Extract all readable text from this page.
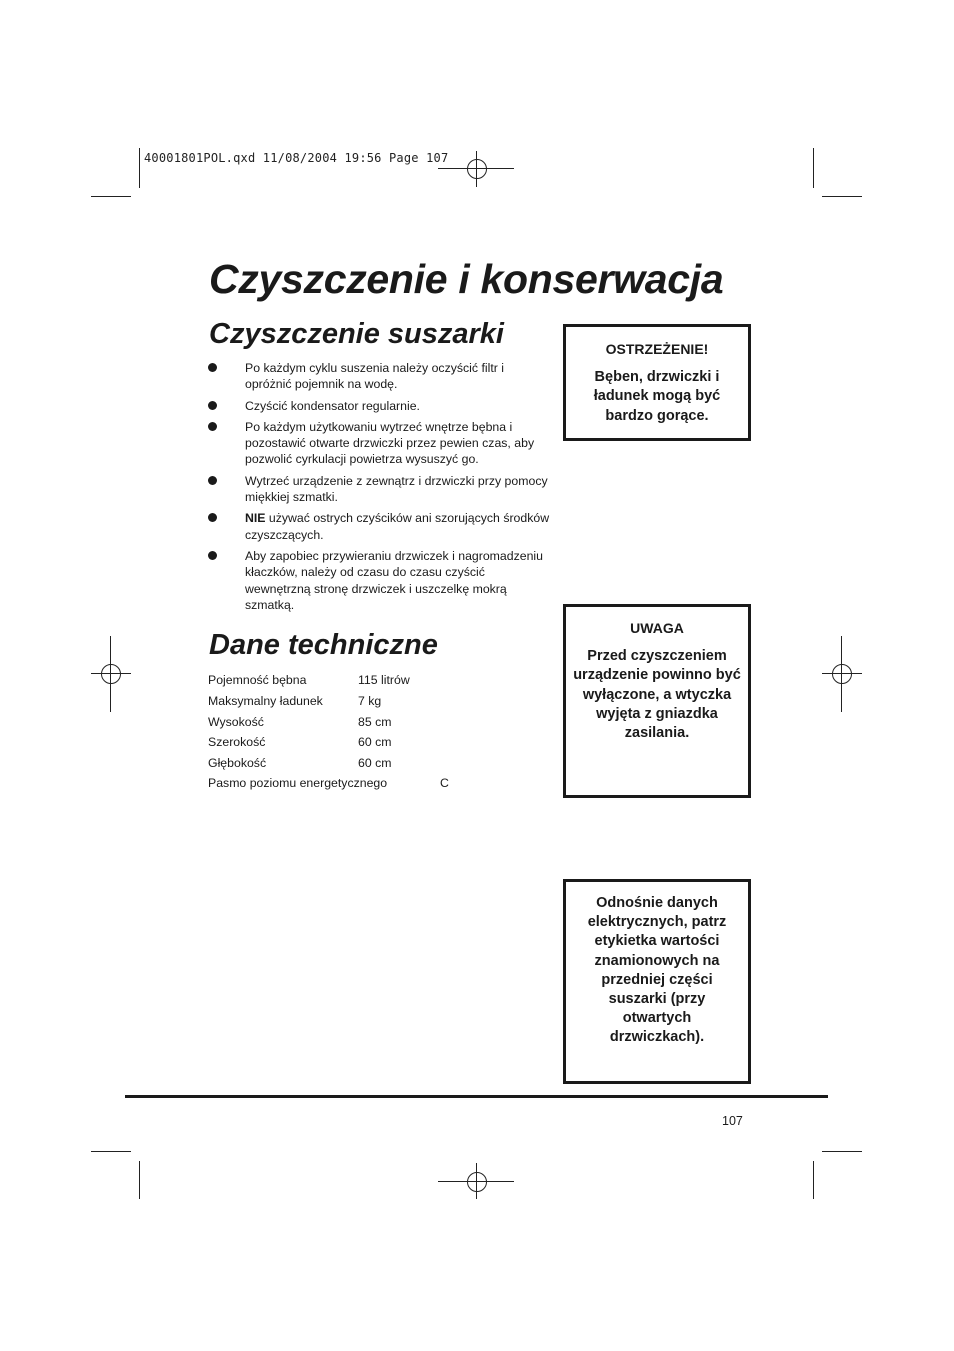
40001801POL.qxd 11/08/2004 19:56 Page 107
Czyszczenie i konserwacja
Czyszczenie suszarki
Po każdym cyklu suszenia należy oczyścić filtr i opróżnić pojemnik na wodę.
Czyścić kondensator regularnie.
Po każdym użytkowaniu wytrzeć wnętrze bębna i pozostawić otwarte drzwiczki przez pewien czas, aby pozwolić cyrkulacji powietrza wysuszyć go.
Wytrzeć urządzenie z zewnątrz i drzwiczki przy pomocy miękkiej szmatki.
NIE używać ostrych czyścików ani szorujących środków czyszczących.
Aby zapobiec przywieraniu drzwiczek i nagromadzeniu kłaczków, należy od czasu do czasu czyścić wewnętrzną stronę drzwiczek i uszczelkę mokrą szmatką.
Dane techniczne
Pojemność bębna	115 litrów
Maksymalny ładunek	7 kg
Wysokość	85 cm
Szerokość	60 cm
Głębokość	60 cm
Pasmo poziomu energetycznego	C
OSTRZEŻENIE!
Bęben, drzwiczki i ładunek mogą być bardzo gorące.
UWAGA
Przed czyszczeniem urządzenie powinno być wyłączone, a wtyczka wyjęta z gniazdka zasilania.
Odnośnie danych elektrycznych, patrz etykietka wartości znamionowych na przedniej części suszarki (przy otwartych drzwiczkach).
107
